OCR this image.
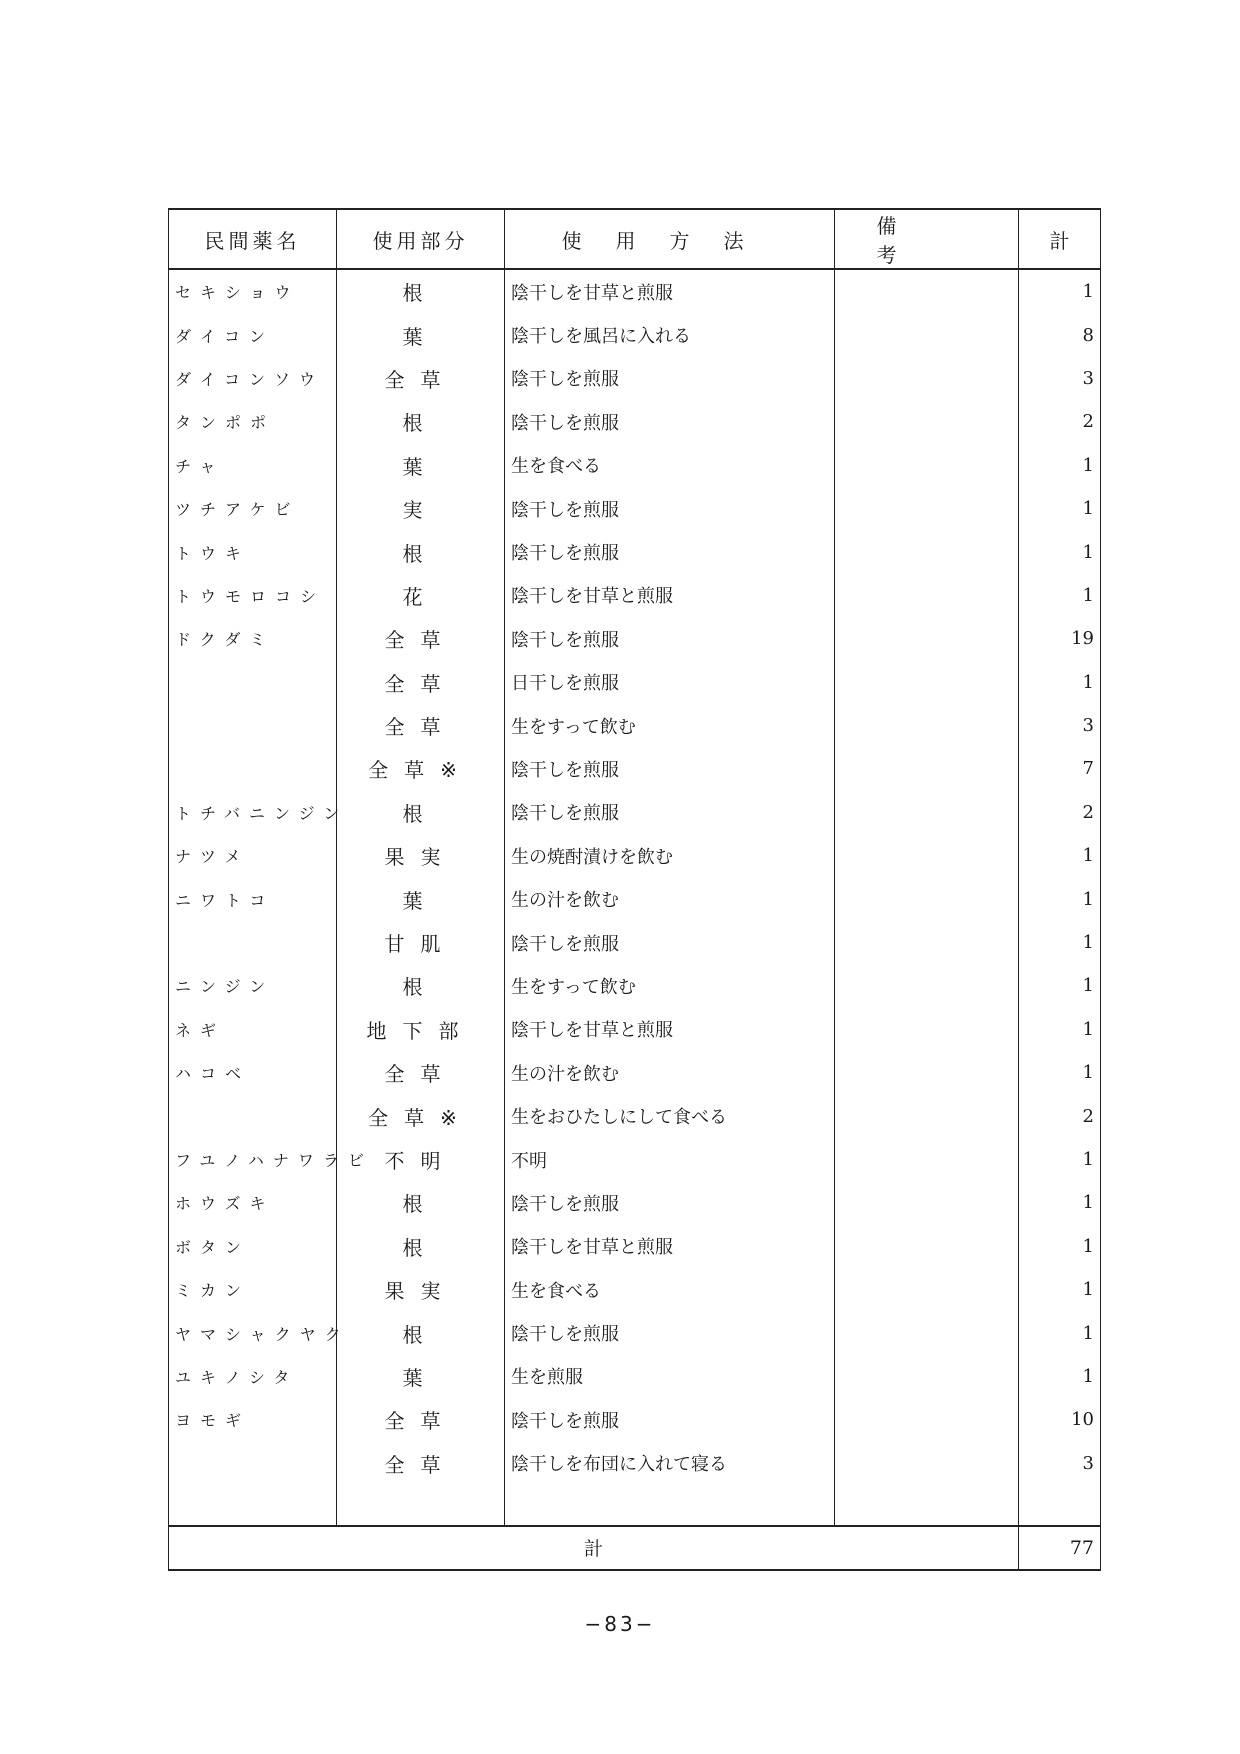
民間薬名	使用部分	使用方法	備考	計
セキショウ	根	陰干しを甘草と煎服		1
ダイコン	葉	陰干しを風呂に入れる		8
ダイコンソウ	全草	陰干しを煎服		3
タンポポ	根	陰干しを煎服		2
チャ	葉	生を食べる		1
ツチアケビ	実	陰干しを煎服		1
トウキ	根	陰干しを煎服		1
トウモロコシ	花	陰干しを甘草と煎服		1
ドクダミ	全草	陰干しを煎服		19
	全草	日干しを煎服		1
	全草	生をすって飲む		3
	全草※	陰干しを煎服		7
トチバニンジン	根	陰干しを煎服		2
ナツメ	果実	生の焼酎漬けを飲む		1
ニワトコ	葉	生の汁を飲む		1
	甘肌	陰干しを煎服		1
ニンジン	根	生をすって飲む		1
ネギ	地下部	陰干しを甘草と煎服		1
ハコベ	全草	生の汁を飲む		1
	全草※	生をおひたしにして食べる		2
フユノハナワラビ	不明	不明		1
ホウズキ	根	陰干しを煎服		1
ボタン	根	陰干しを甘草と煎服		1
ミカン	果実	生を食べる		1
ヤマシャクヤク	根	陰干しを煎服		1
ユキノシタ	葉	生を煎服		1
ヨモギ	全草	陰干しを煎服		10
	全草	陰干しを布団に入れて寝る		3

計				77
−83−
